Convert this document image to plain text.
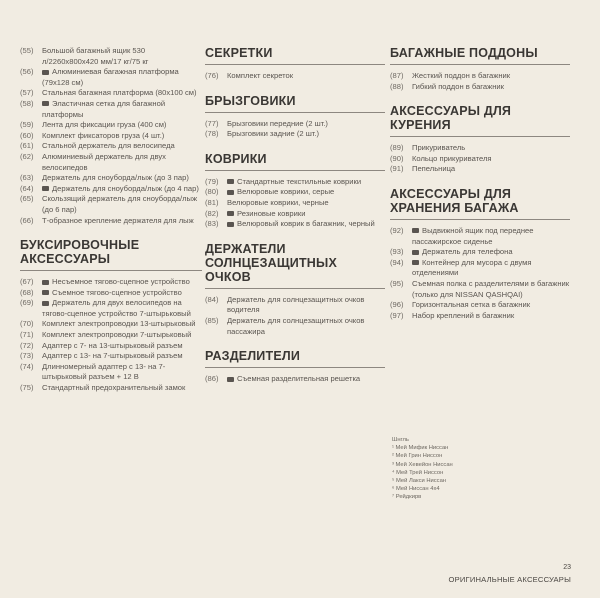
(55)	Большой багажный ящик 530 л/2260х800х420 мм/17 кг/75 кг
(56)	Алюминиевая багажная платформа (79х128 см)
(57)	Стальная багажная платформа (80х100 см)
(58)	Эластичная сетка для багажной платформы
(59)	Лента для фиксации груза (400 см)
(60)	Комплект фиксаторов груза (4 шт.)
(61)	Стальной держатель для велосипеда
(62)	Алюминиевый держатель для двух велосипедов
(63)	Держатель для сноуборда/лыж (до 3 пар)
(64)	Держатель для сноуборда/лыж (до 4 пар)
(65)	Скользящий держатель для сноуборда/лыж (до 6 пар)
(66)	Т-образное крепление держателя для лыж
БУКСИРОВОЧНЫЕ АКСЕССУАРЫ
(67)	Несъемное тягово-сцепное устройство
(68)	Съемное тягово-сцепное устройство
(69)	Держатель для двух велосипедов на тягово-сцепное устройство 7-штырьковый
(70)	Комплект электропроводки 13-штырьковый
(71)	Комплект электропроводки 7-штырьковый
(72)	Адаптер с 7- на 13-штырьковый разъем
(73)	Адаптер с 13- на 7-штырьковый разъем
(74)	Длинномерный адаптер с 13- на 7-штырьковый разъем + 12 В
(75)	Стандартный предохранительный замок
СЕКРЕТКИ
(76)	Комплект секреток
БРЫЗГОВИКИ
(77)	Брызговики передние (2 шт.)
(78)	Брызговики задние (2 шт.)
КОВРИКИ
(79)	Стандартные текстильные коврики
(80)	Велюровые коврики, серые
(81)	Велюровые коврики, черные
(82)	Резиновые коврики
(83)	Велюровый коврик в багажник, черный
ДЕРЖАТЕЛИ СОЛНЦЕЗАЩИТНЫХ ОЧКОВ
(84)	Держатель для солнцезащитных очков водителя
(85)	Держатель для солнцезащитных очков пассажира
РАЗДЕЛИТЕЛИ
(86)	Съемная разделительная решетка
БАГАЖНЫЕ ПОДДОНЫ
(87)	Жесткий поддон в багажник
(88)	Гибкий поддон в багажник
АКСЕССУАРЫ ДЛЯ КУРЕНИЯ
(89)	Прикуриватель
(90)	Кольцо прикуривателя
(91)	Пепельница
АКСЕССУАРЫ ДЛЯ ХРАНЕНИЯ БАГАЖА
(92)	Выдвижной ящик под переднее пассажирское сиденье
(93)	Держатель для телефона
(94)	Контейнер для мусора с двумя отделениями
(95)	Съемная полка с разделителями в багажник (только для NISSAN QASHQAI)
(96)	Горизонтальная сетка в багажник
(97)	Набор креплений в багажник
Шнгль
¹ Мей Мифик Ниссан
² Мей Грин Ниссон
³ Мей Хевейон Ниссан
⁴ Мей Трей Ниссон
⁵ Мей Лакси Ниссан
⁶ Мей Ниссан 4х4
⁷ Рейдкирв
23
ОРИГИНАЛЬНЫЕ АКСЕССУАРЫ
